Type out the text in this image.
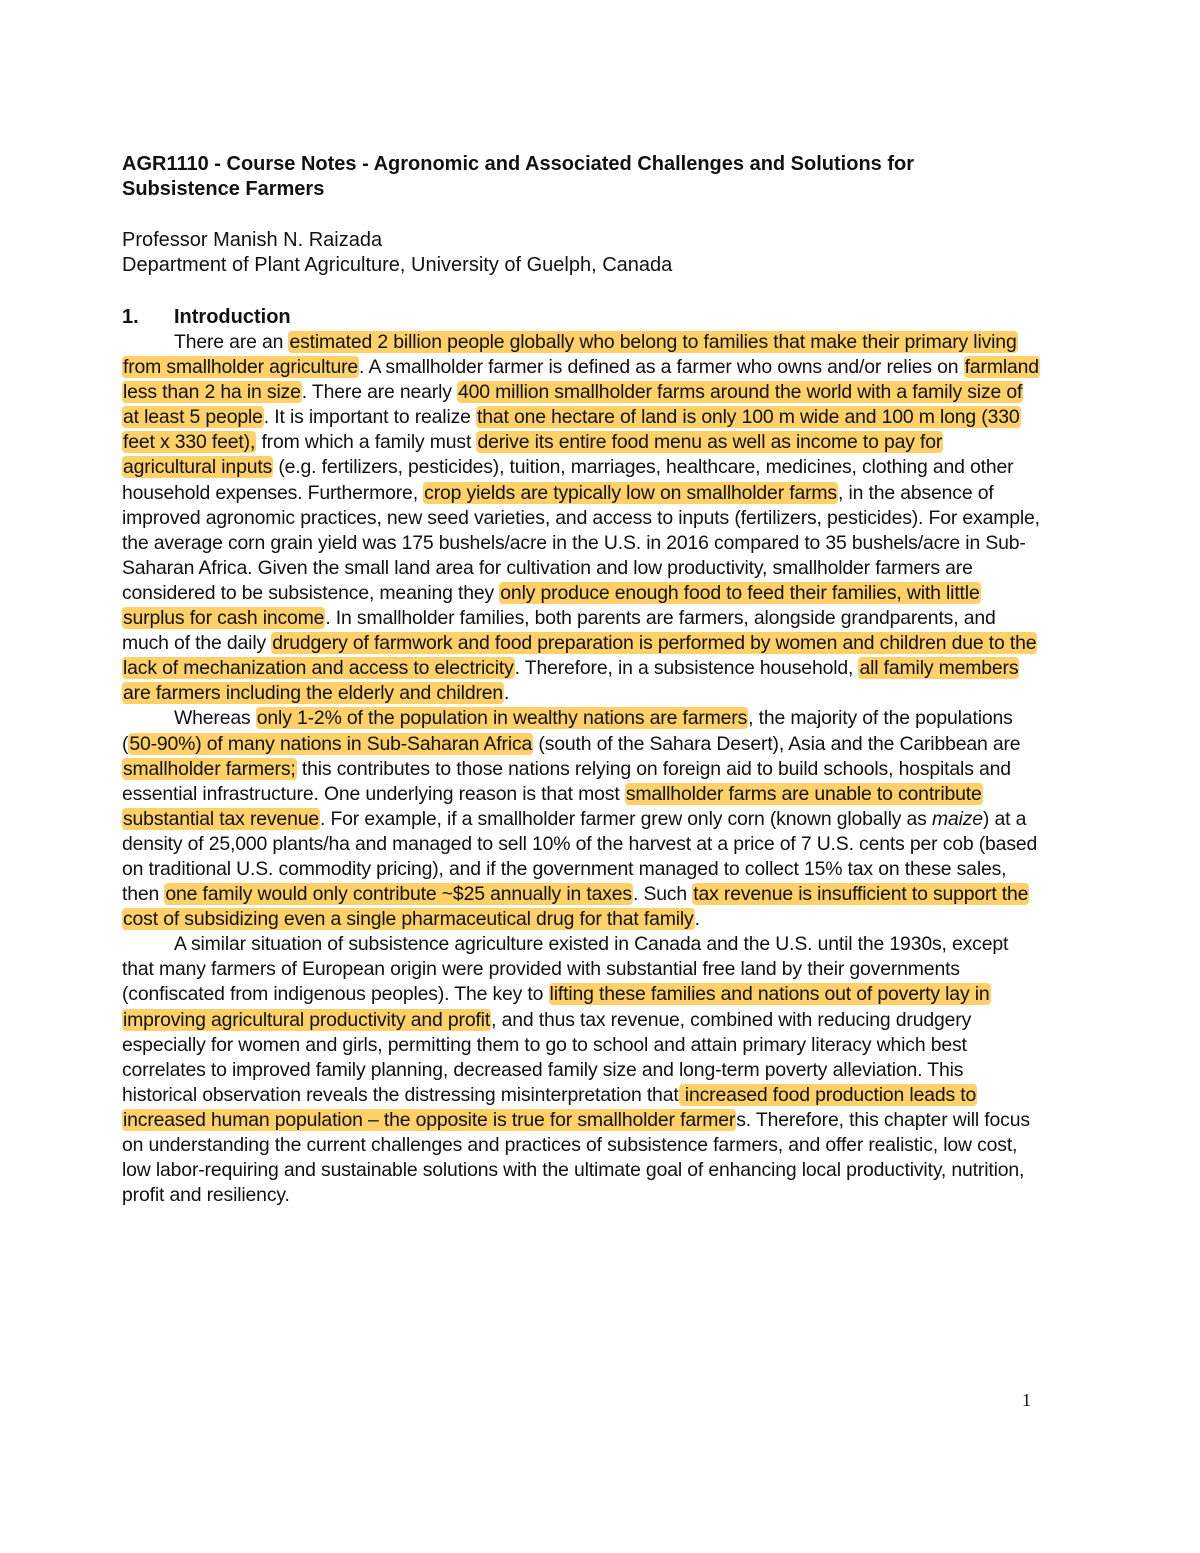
AGR1110 - Course Notes - Agronomic and Associated Challenges and Solutions for Subsistence Farmers
Professor Manish N. Raizada
Department of Plant Agriculture, University of Guelph, Canada
1. Introduction

There are an estimated 2 billion people globally who belong to families that make their primary living from smallholder agriculture. A smallholder farmer is defined as a farmer who owns and/or relies on farmland less than 2 ha in size. There are nearly 400 million smallholder farms around the world with a family size of at least 5 people. It is important to realize that one hectare of land is only 100 m wide and 100 m long (330 feet x 330 feet), from which a family must derive its entire food menu as well as income to pay for agricultural inputs (e.g. fertilizers, pesticides), tuition, marriages, healthcare, medicines, clothing and other household expenses. Furthermore, crop yields are typically low on smallholder farms, in the absence of improved agronomic practices, new seed varieties, and access to inputs (fertilizers, pesticides). For example, the average corn grain yield was 175 bushels/acre in the U.S. in 2016 compared to 35 bushels/acre in Sub-Saharan Africa. Given the small land area for cultivation and low productivity, smallholder farmers are considered to be subsistence, meaning they only produce enough food to feed their families, with little surplus for cash income. In smallholder families, both parents are farmers, alongside grandparents, and much of the daily drudgery of farmwork and food preparation is performed by women and children due to the lack of mechanization and access to electricity. Therefore, in a subsistence household, all family members are farmers including the elderly and children.

Whereas only 1-2% of the population in wealthy nations are farmers, the majority of the populations (50-90%) of many nations in Sub-Saharan Africa (south of the Sahara Desert), Asia and the Caribbean are smallholder farmers; this contributes to those nations relying on foreign aid to build schools, hospitals and essential infrastructure. One underlying reason is that most smallholder farms are unable to contribute substantial tax revenue. For example, if a smallholder farmer grew only corn (known globally as maize) at a density of 25,000 plants/ha and managed to sell 10% of the harvest at a price of 7 U.S. cents per cob (based on traditional U.S. commodity pricing), and if the government managed to collect 15% tax on these sales, then one family would only contribute ~$25 annually in taxes. Such tax revenue is insufficient to support the cost of subsidizing even a single pharmaceutical drug for that family.

A similar situation of subsistence agriculture existed in Canada and the U.S. until the 1930s, except that many farmers of European origin were provided with substantial free land by their governments (confiscated from indigenous peoples). The key to lifting these families and nations out of poverty lay in improving agricultural productivity and profit, and thus tax revenue, combined with reducing drudgery especially for women and girls, permitting them to go to school and attain primary literacy which best correlates to improved family planning, decreased family size and long-term poverty alleviation. This historical observation reveals the distressing misinterpretation that increased food production leads to increased human population – the opposite is true for smallholder farmers. Therefore, this chapter will focus on understanding the current challenges and practices of subsistence farmers, and offer realistic, low cost, low labor-requiring and sustainable solutions with the ultimate goal of enhancing local productivity, nutrition, profit and resiliency.

1
